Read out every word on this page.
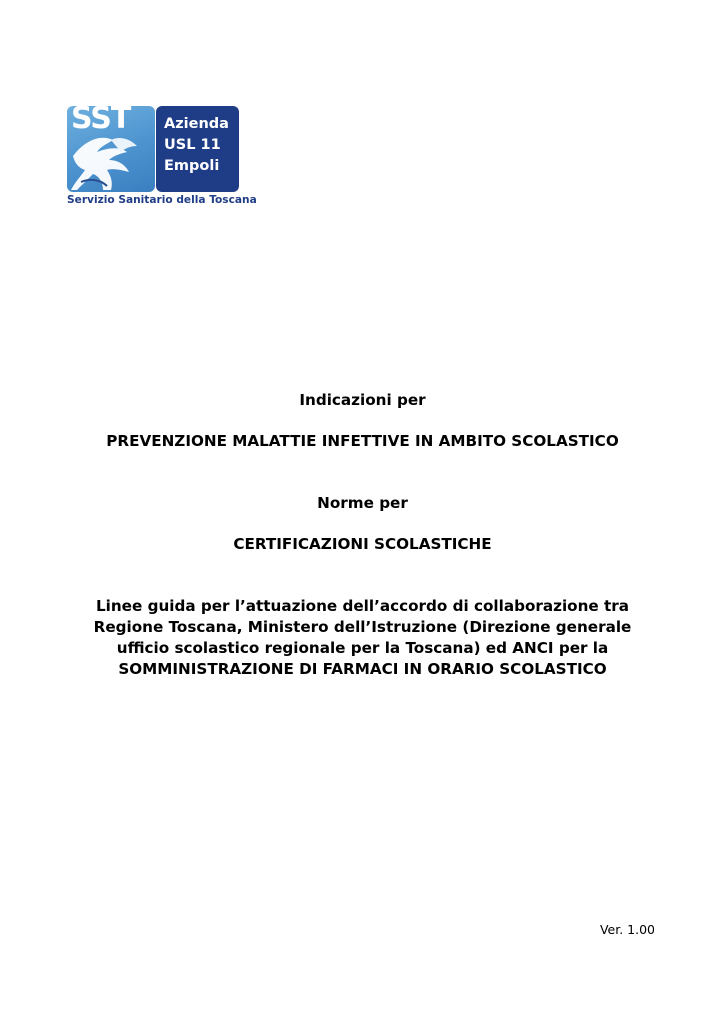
SST Azienda
USL 11
Empoli
Servizio Sanitario della Toscana
Indicazioni per
PREVENZIONE MALATTIE INFETTIVE IN AMBITO SCOLASTICO
Norme per
CERTIFICAZIONI SCOLASTICHE
Linee guida per l’attuazione dell’accordo di collaborazione tra
Regione Toscana, Ministero dell’Istruzione (Direzione generale
ufficio scolastico regionale per la Toscana) ed ANCI per la
SOMMINISTRAZIONE DI FARMACI IN ORARIO SCOLASTICO
Ver. 1.00
